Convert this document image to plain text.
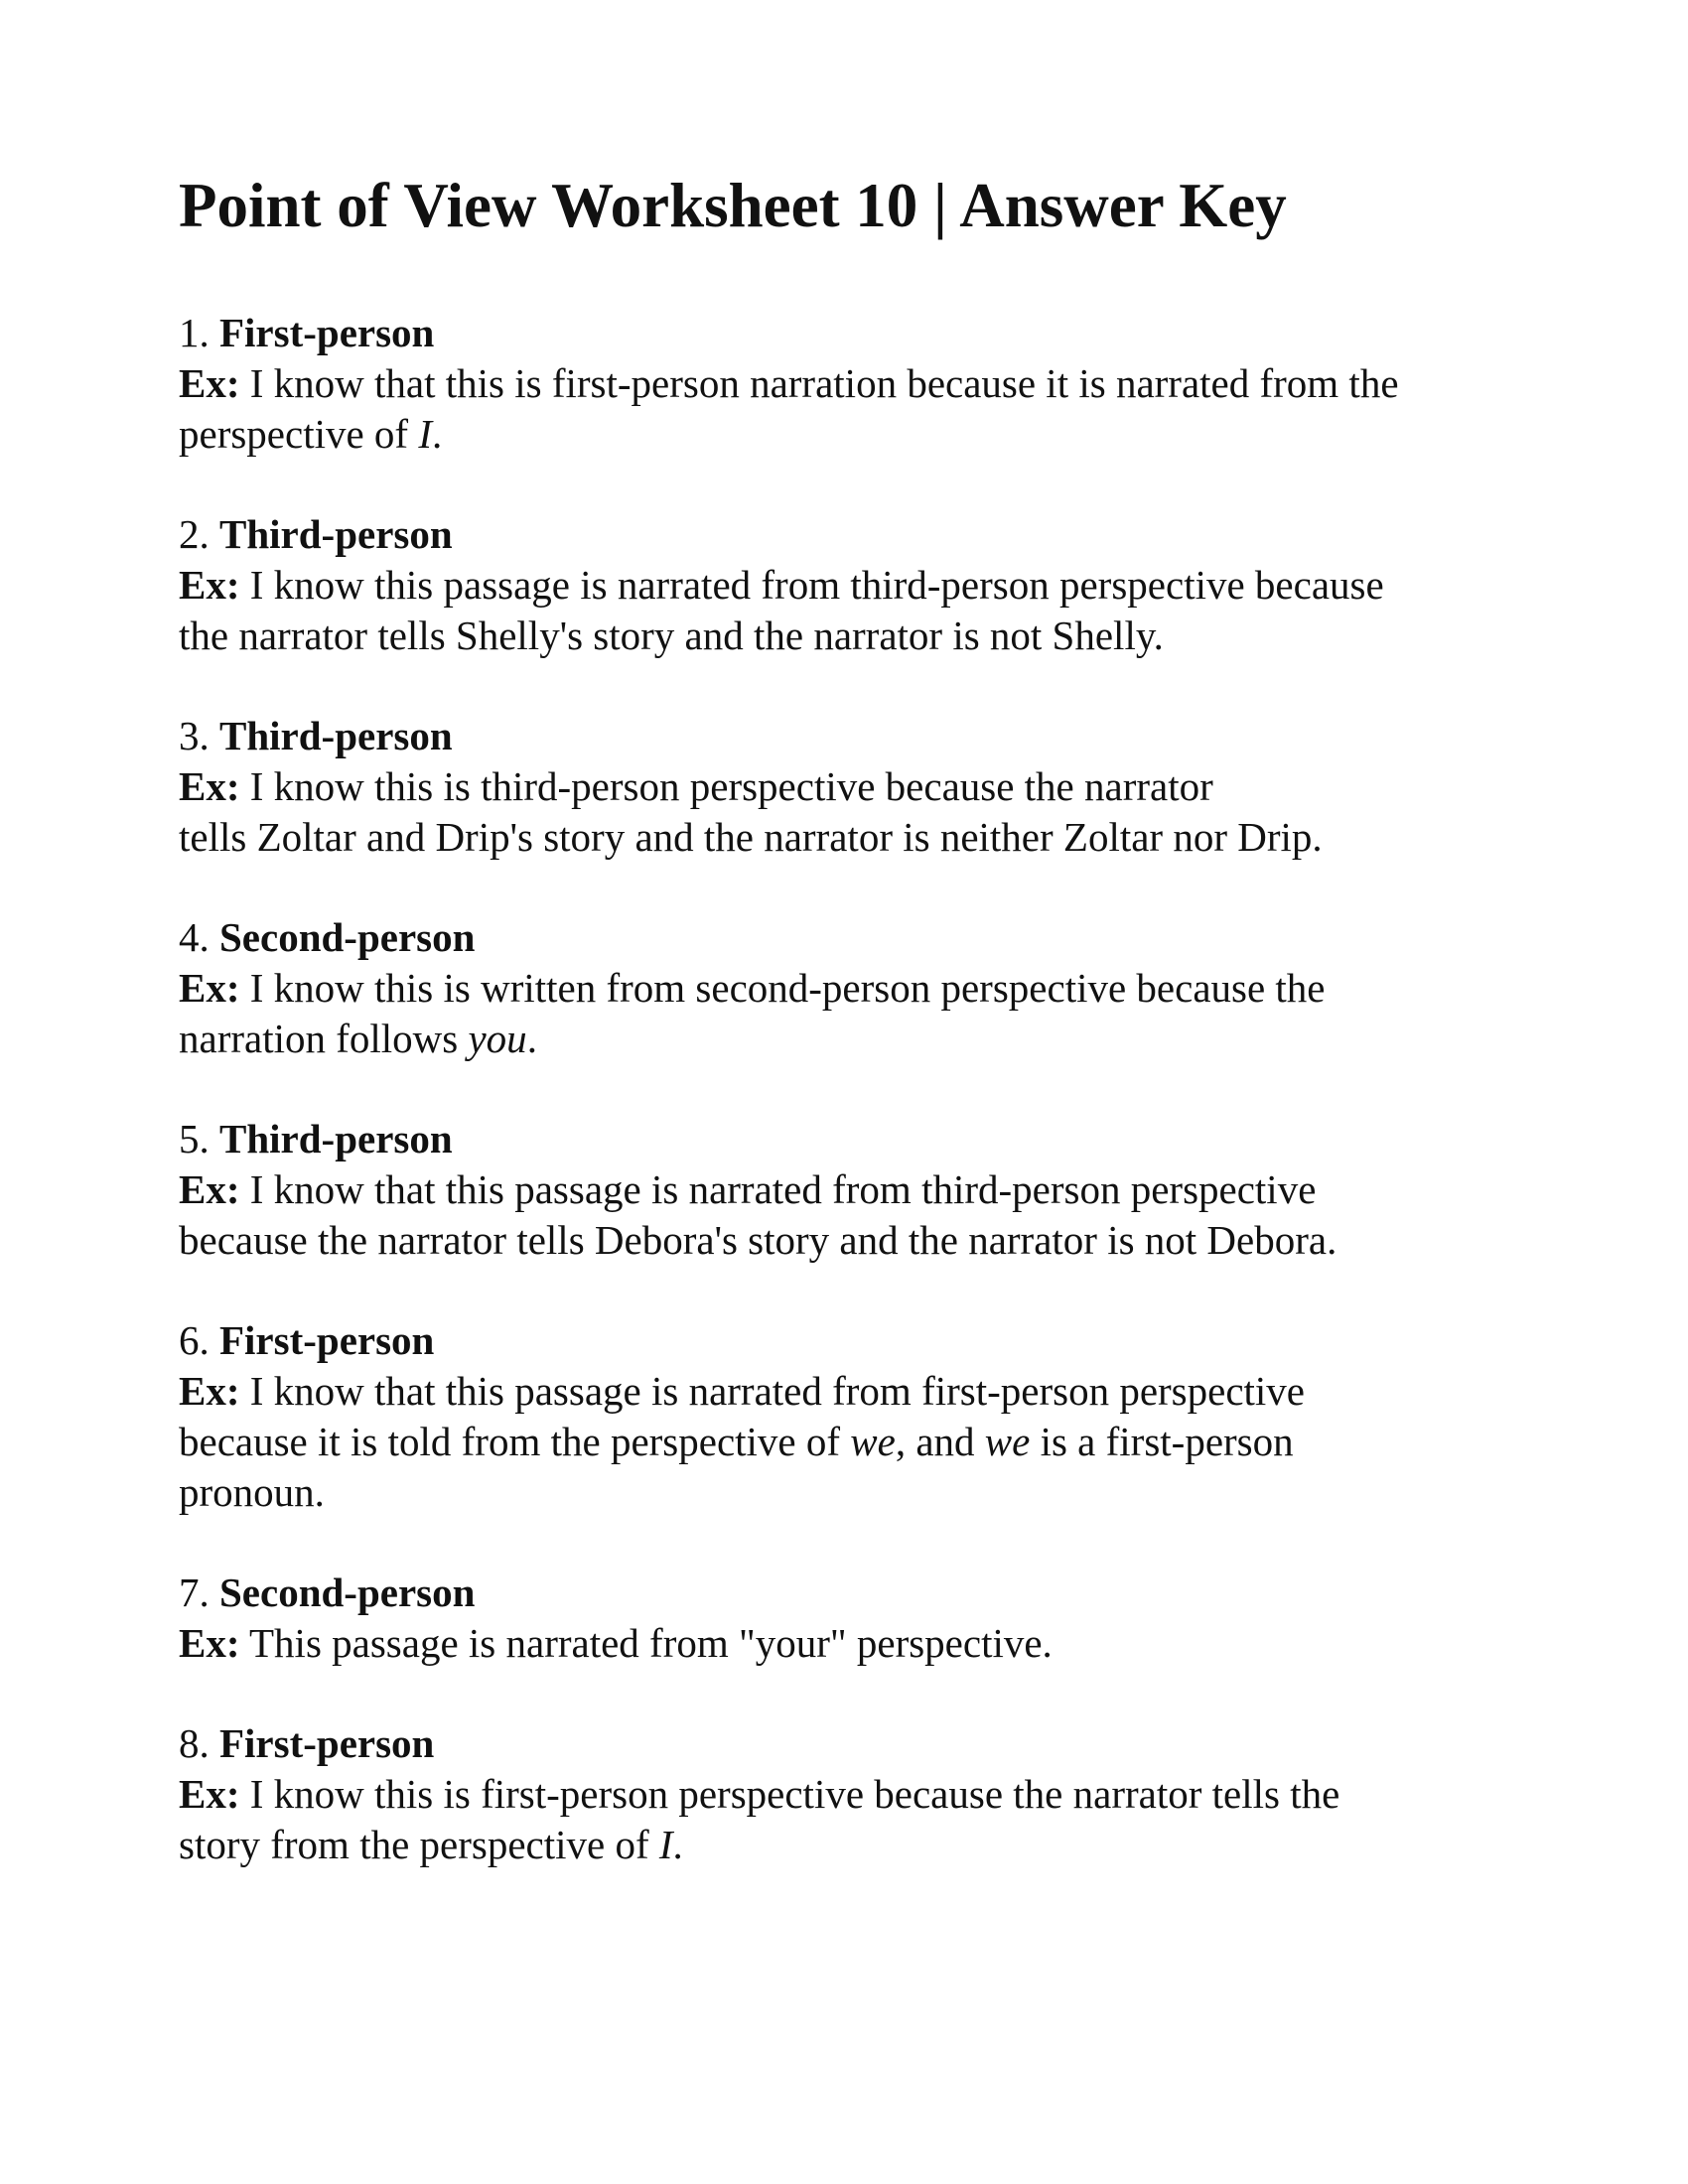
Point of View Worksheet 10 | Answer Key

1. First-person

Ex: I know that this is first-person narration because it is narrated from the
perspective of I.

2. Third-person

Ex: I know this passage is narrated from third-person perspective because
the narrator tells Shelly's story and the narrator is not Shelly.

3. Third-person

Ex: I know this is third-person perspective because the narrator
tells Zoltar and Drip's story and the narrator is neither Zoltar nor Drip.

4. Second-person

Ex: I know this is written from second-person perspective because the
narration follows you.

5. Third-person

Ex: I know that this passage is narrated from third-person perspective
because the narrator tells Debora's story and the narrator is not Debora.

6. First-person

Ex: I know that this passage is narrated from first-person perspective
because it is told from the perspective of we, and we is a first-person
pronoun.

7. Second-person

Ex: This passage is narrated from "your" perspective.

8. First-person

Ex: I know this is first-person perspective because the narrator tells the
story from the perspective of I.
